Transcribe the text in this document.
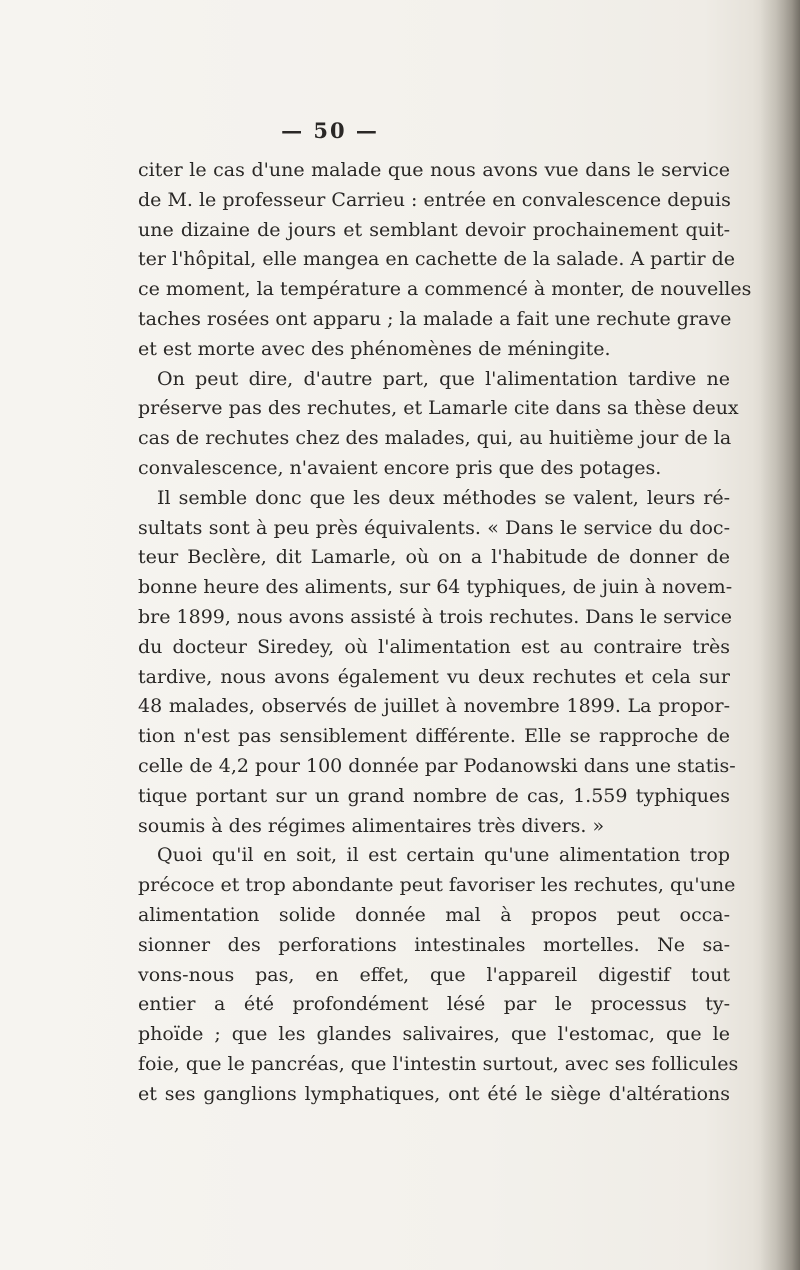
— 50 —
citer le cas d'une malade que nous avons vue dans le service
de M. le professeur Carrieu : entrée en convalescence depuis
une dizaine de jours et semblant devoir prochainement quit-
ter l'hôpital, elle mangea en cachette de la salade. A partir de
ce moment, la température a commencé à monter, de nouvelles
taches rosées ont apparu ; la malade a fait une rechute grave
et est morte avec des phénomènes de méningite.
On peut dire, d'autre part, que l'alimentation tardive ne
préserve pas des rechutes, et Lamarle cite dans sa thèse deux
cas de rechutes chez des malades, qui, au huitième jour de la
convalescence, n'avaient encore pris que des potages.
Il semble donc que les deux méthodes se valent, leurs ré-
sultats sont à peu près équivalents. « Dans le service du doc-
teur Beclère, dit Lamarle, où on a l'habitude de donner de
bonne heure des aliments, sur 64 typhiques, de juin à novem-
bre 1899, nous avons assisté à trois rechutes. Dans le service
du docteur Siredey, où l'alimentation est au contraire très
tardive, nous avons également vu deux rechutes et cela sur
48 malades, observés de juillet à novembre 1899. La propor-
tion n'est pas sensiblement différente. Elle se rapproche de
celle de 4,2 pour 100 donnée par Podanowski dans une statis-
tique portant sur un grand nombre de cas, 1.559 typhiques
soumis à des régimes alimentaires très divers. »
Quoi qu'il en soit, il est certain qu'une alimentation trop
précoce et trop abondante peut favoriser les rechutes, qu'une
alimentation solide donnée mal à propos peut occa-
sionner des perforations intestinales mortelles. Ne sa-
vons-nous pas, en effet, que l'appareil digestif tout
entier a été profondément lésé par le processus ty-
phoïde ; que les glandes salivaires, que l'estomac, que le
foie, que le pancréas, que l'intestin surtout, avec ses follicules
et ses ganglions lymphatiques, ont été le siège d'altérations
